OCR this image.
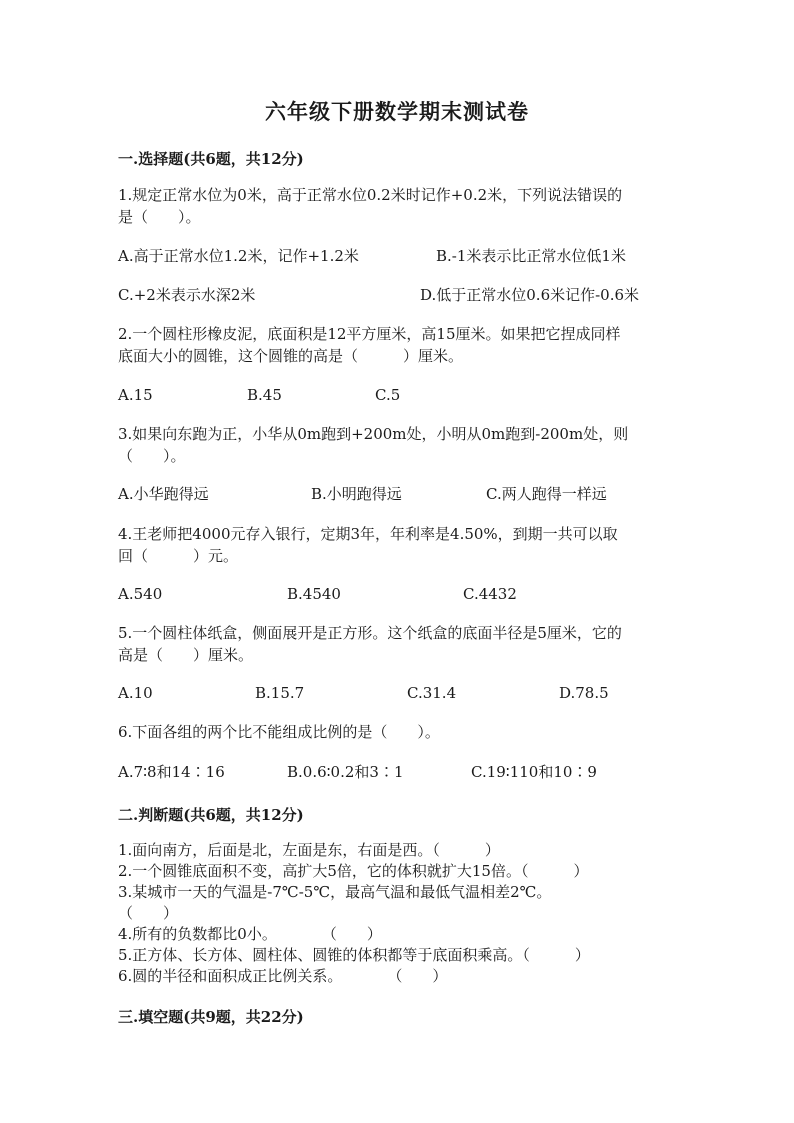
六年级下册数学期末测试卷
一.选择题(共6题，共12分)
1.规定正常水位为0米，高于正常水位0.2米时记作+0.2米，下列说法错误的
是（　　）。
A.高于正常水位1.2米，记作+1.2米	B.-1米表示比正常水位低1米
C.+2米表示水深2米	D.低于正常水位0.6米记作-0.6米
2.一个圆柱形橡皮泥，底面积是12平方厘米，高15厘米。如果把它捏成同样
底面大小的圆锥，这个圆锥的高是（　　　）厘米。
A.15	B.45	C.5
3.如果向东跑为正，小华从0m跑到+200m处，小明从0m跑到-200m处，则
（　　）。
A.小华跑得远	B.小明跑得远	C.两人跑得一样远
4.王老师把4000元存入银行，定期3年，年利率是4.50%，到期一共可以取
回（　　　）元。
A.540	B.4540	C.4432
5.一个圆柱体纸盒，侧面展开是正方形。这个纸盒的底面半径是5厘米，它的
高是（　　）厘米。
A.10	B.15.7	C.31.4	D.78.5
6.下面各组的两个比不能组成比例的是（　　）。
A.7∶8和14∶16	B.0.6∶0.2和3∶1	C.19∶110和10∶9
二.判断题(共6题，共12分)
1.面向南方，后面是北，左面是东，右面是西。（　　　）
2.一个圆锥底面积不变，高扩大5倍，它的体积就扩大15倍。（　　　）
3.某城市一天的气温是-7℃-5℃，最高气温和最低气温相差2℃。
（　　）
4.所有的负数都比0小。　　　　（　　）
5.正方体、长方体、圆柱体、圆锥的体积都等于底面积乘高。（　　　）
6.圆的半径和面积成正比例关系。　　　　（　　）
三.填空题(共9题，共22分)
